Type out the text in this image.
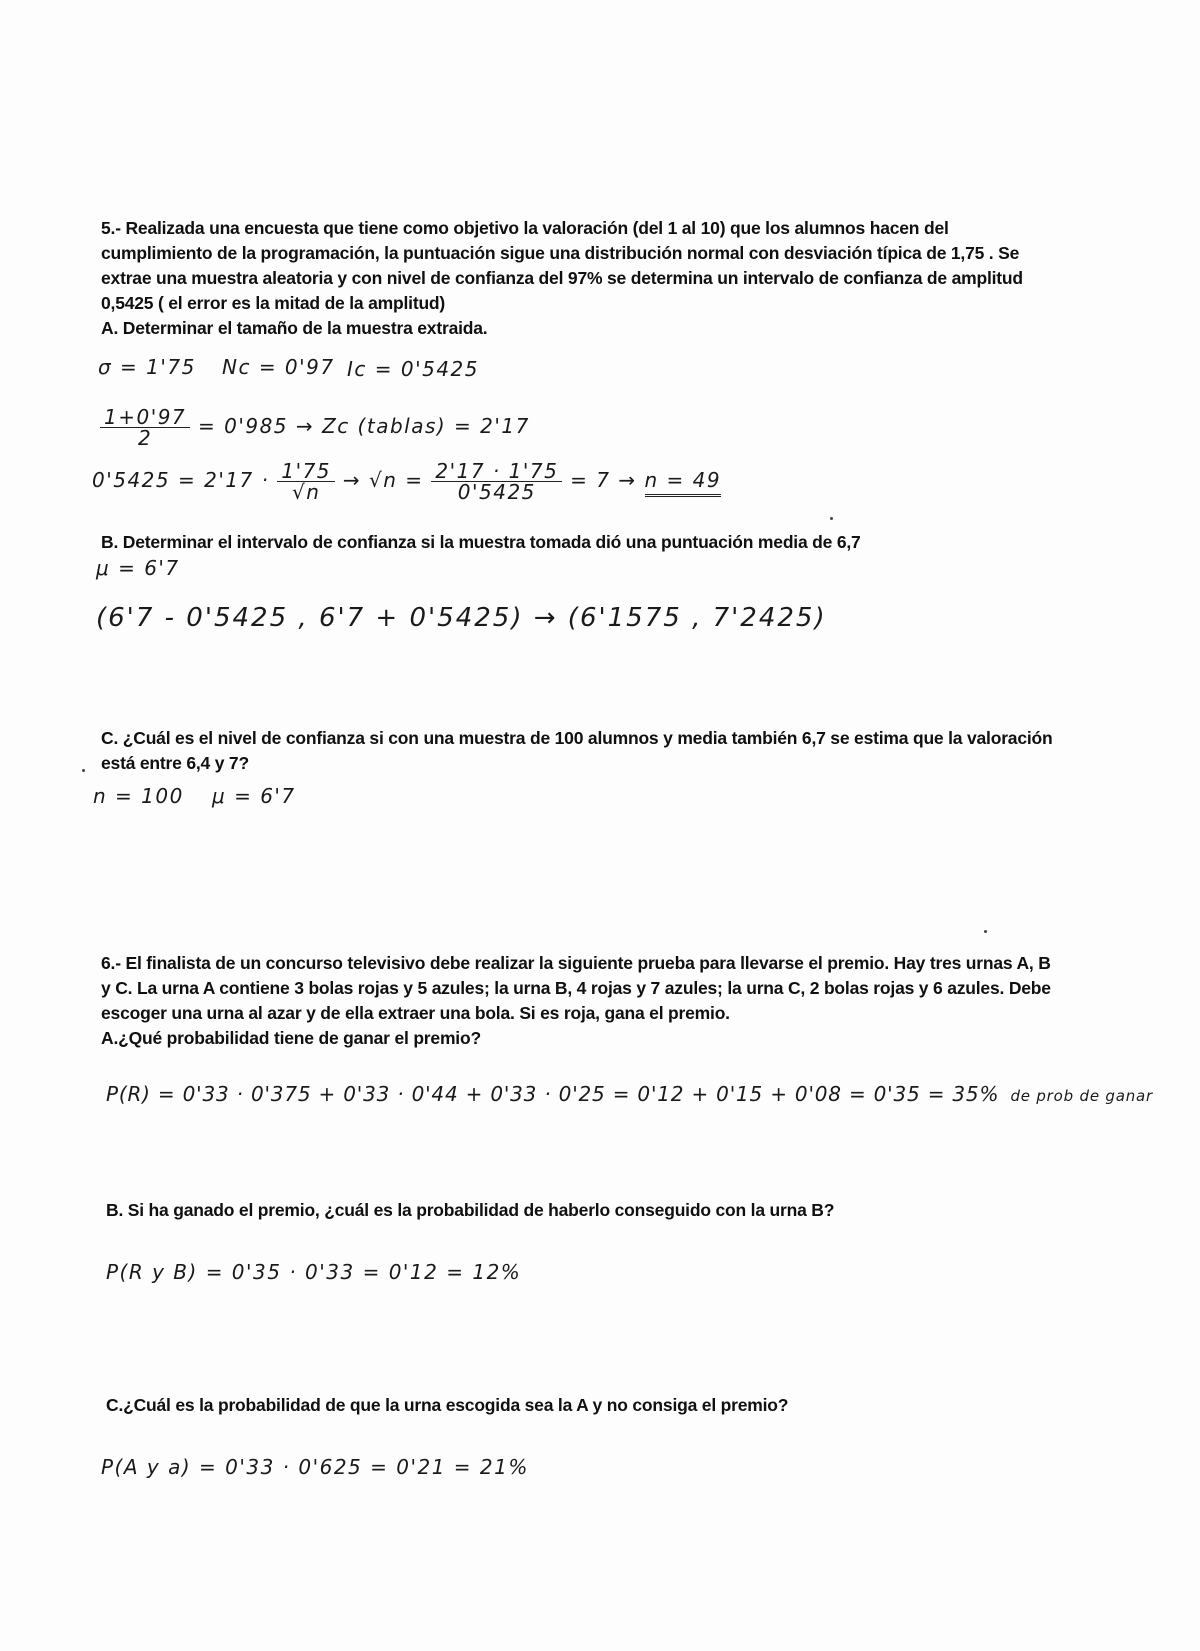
5.- Realizada una encuesta que tiene como objetivo la valoración (del 1 al 10) que los alumnos hacen del

cumplimiento de la programación, la puntuación sigue una distribución normal con desviación típica de 1,75 . Se

extrae una muestra aleatoria y con nivel de confianza del 97% se determina un intervalo de confianza de amplitud

0,5425 ( el error es la mitad de la amplitud)

A. Determinar el tamaño de la muestra extraida.

σ = 1'75 Nc = 0'97 Ic = 0'5425
$\frac{1+0'97}{2} = 0'985 \to Zc$ (tablas) = 2'17
$0'5425 = 2'17 \cdot \frac{1'75}{√n} \to √n = \frac{2'17 \cdot 1'75}{0'5425} = 7 \to n = 49$

B. Determinar el intervalo de confianza si la muestra tomada dió una puntuación media de 6,7

μ = 6'7
(6'7 - 0'5425 , 6'7 + 0'5425) → (6'1575 , 7'2425)

C. ¿Cuál es el nivel de confianza si con una muestra de 100 alumnos y media también 6,7 se estima que la valoración

está entre 6,4 y 7?

n = 100 μ = 6'7

6.- El finalista de un concurso televisivo debe realizar la siguiente prueba para llevarse el premio. Hay tres urnas A, B

y C. La urna A contiene 3 bolas rojas y 5 azules; la urna B, 4 rojas y 7 azules; la urna C, 2 bolas rojas y 6 azules. Debe

escoger una urna al azar y de ella extraer una bola. Si es roja, gana el premio.

A.¿Qué probabilidad tiene de ganar el premio?

P(R) = 0'33 · 0'375 + 0'33 · 0'44 + 0'33 · 0'25 = 0'12 + 0'15 + 0'08 = 0'35 = 35% de prob de ganar

B. Si ha ganado el premio, ¿cuál es la probabilidad de haberlo conseguido con la urna B?

P(R y B) = 0'35 · 0'33 = 0'12 = 12%

C.¿Cuál es la probabilidad de que la urna escogida sea la A y no consiga el premio?

P(A y a) = 0'33 · 0'625 = 0'21 = 21%
